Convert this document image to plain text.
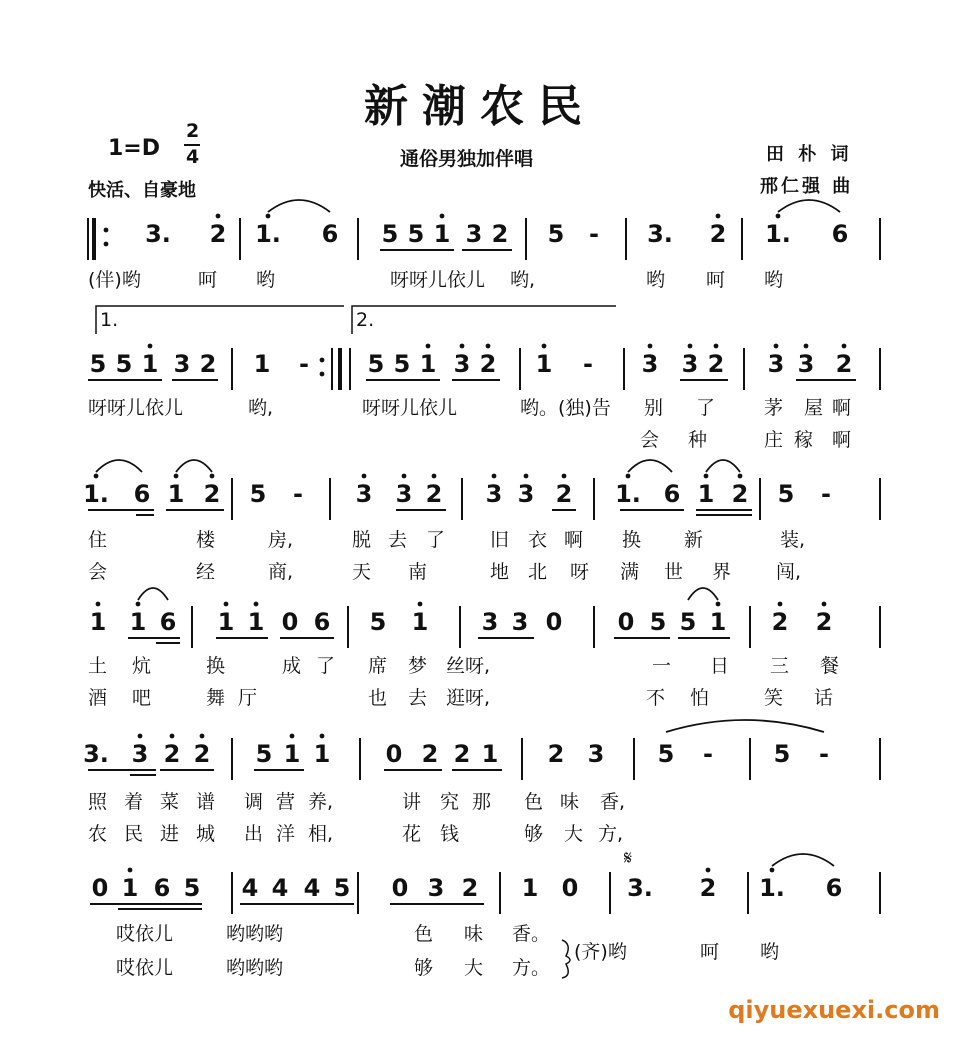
新潮农民
1=D
2
4	通俗男独加伴唱
快活、自豪地
田 朴 词
邢仁强 曲
3. 2 1. 6 5 5 1 3 2 5 - 3. 2 1. 6
(伴)哟	呵 哟	呀呀儿依儿 哟,	哟 呵 哟
1.	2.
5 5 1 3 2 1 - 5 5 1 3 2 1 - 3 3 2 3 3 2
呀呀儿依儿	哟,	呀呀儿依儿	哟。(独)告 别 了	茅 屋 啊
会 种	庄 稼 啊
1. 6 1 2 5 - 3 3 2 3 3 2 1. 6 1 2 5 -
住	楼	房,	脱 去 了 旧 衣 啊 换 新	装,
会	经	商,	天 南	地 北 呀 满 世 界 闯,
1 1 6 1 1 0 6 5 1 3 3 0 0 5 5 1 2 2
土 炕	换	成 了 席 梦 丝呀,	一 日 三 餐
酒 吧	舞 厅	也 去 逛呀,	不 怕	笑 话
3. 3 2 2 5 1 1 0 2 2 1 2 3 5 -	5 -
照 着 菜 谱 调 营 养,	讲 究 那 色 味 香,
农 民 进 城 出 洋 相,	花 钱	够 大 方,
0 1 6 5 4 4 4 5 0 3 2 1 0 3. 2 1. 6
𝄋
哎依儿	哟哟哟	色 味 香。
哎依儿	哟哟哟	够 大 方。
(齐)哟	呵 哟
qiyuexuexi.com
